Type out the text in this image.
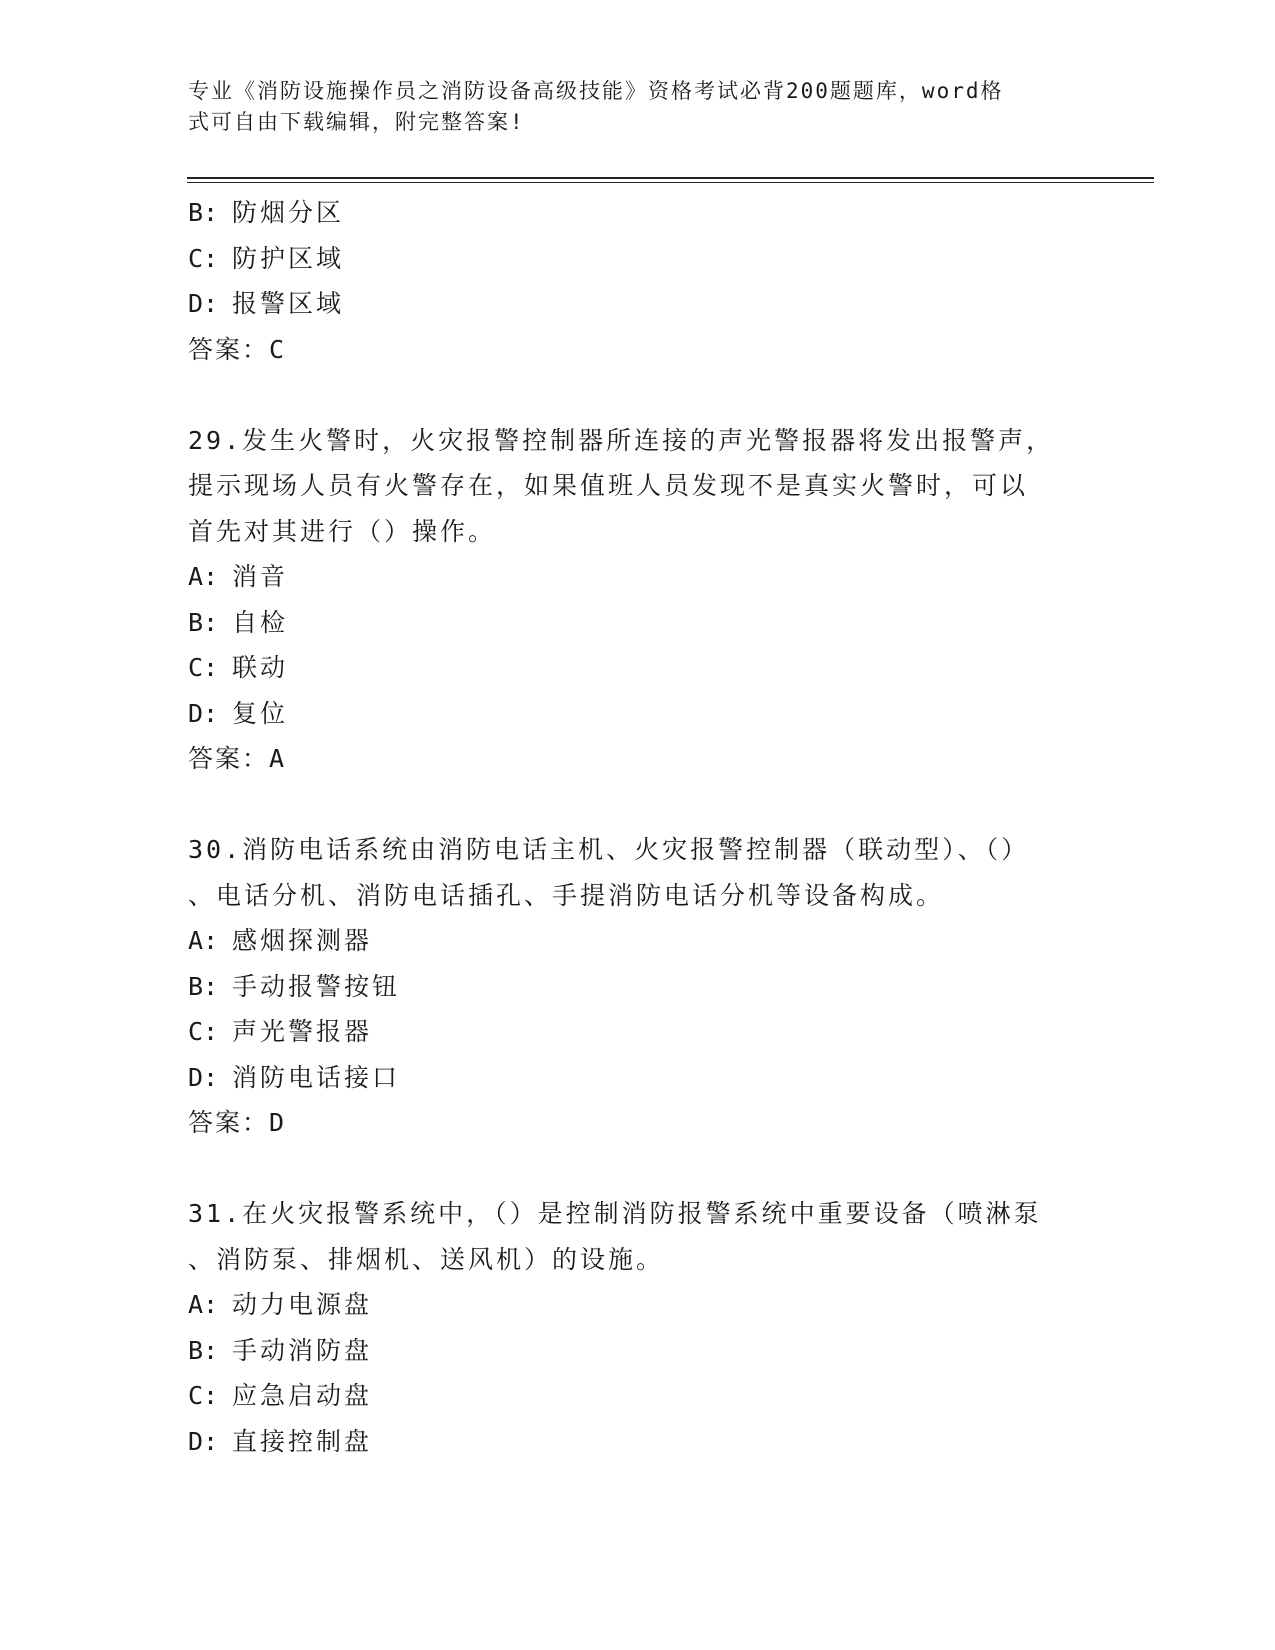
专业《消防设施操作员之消防设备高级技能》资格考试必背200题题库，word格
式可自由下载编辑，附完整答案!
B: 防烟分区
C: 防护区域
D: 报警区域
答案：C
29.发生火警时，火灾报警控制器所连接的声光警报器将发出报警声，
提示现场人员有火警存在，如果值班人员发现不是真实火警时，可以
首先对其进行（）操作。
A: 消音
B: 自检
C: 联动
D: 复位
答案：A
30.消防电话系统由消防电话主机、火灾报警控制器（联动型）、（）
、电话分机、消防电话插孔、手提消防电话分机等设备构成。
A: 感烟探测器
B: 手动报警按钮
C: 声光警报器
D: 消防电话接口
答案：D
31.在火灾报警系统中，（）是控制消防报警系统中重要设备（喷淋泵
、消防泵、排烟机、送风机）的设施。
A: 动力电源盘
B: 手动消防盘
C: 应急启动盘
D: 直接控制盘
